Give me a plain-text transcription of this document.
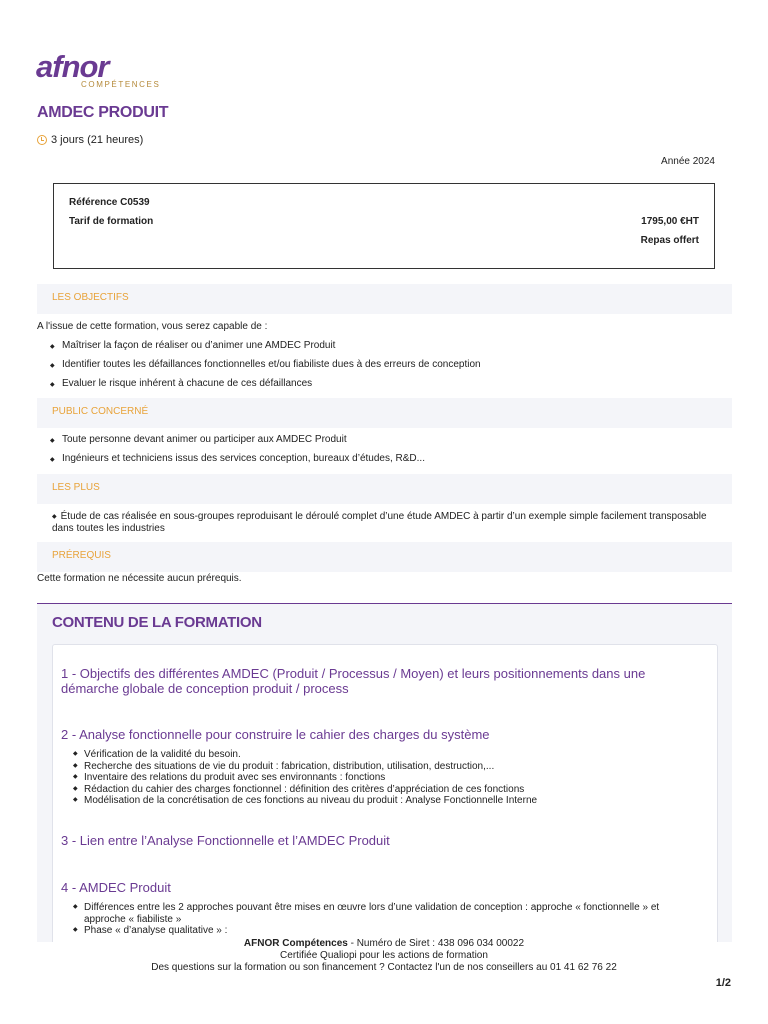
afnor
COMPÉTENCES
AMDEC PRODUIT
3 jours (21 heures)
Année 2024
Référence C0539
Tarif de formation	1795,00 €HT
Repas offert
LES OBJECTIFS
A l'issue de cette formation, vous serez capable de :
◆ Maîtriser la façon de réaliser ou d’animer une AMDEC Produit
◆ Identifier toutes les défaillances fonctionnelles et/ou fiabiliste dues à des erreurs de conception
◆ Evaluer le risque inhérent à chacune de ces défaillances
PUBLIC CONCERNÉ
◆ Toute personne devant animer ou participer aux AMDEC Produit
◆ Ingénieurs et techniciens issus des services conception, bureaux d’études, R&D...
LES PLUS
◆ Étude de cas réalisée en sous-groupes reproduisant le déroulé complet d’une étude AMDEC à partir d’un exemple simple facilement transposable dans toutes les industries
PRÉREQUIS
Cette formation ne nécessite aucun prérequis.
CONTENU DE LA FORMATION
1 - Objectifs des différentes AMDEC (Produit / Processus / Moyen) et leurs positionnements dans une démarche globale de conception produit / process
2 - Analyse fonctionnelle pour construire le cahier des charges du système
◆ Vérification de la validité du besoin.
◆ Recherche des situations de vie du produit : fabrication, distribution, utilisation, destruction,...
◆ Inventaire des relations du produit avec ses environnants : fonctions
◆ Rédaction du cahier des charges fonctionnel : définition des critères d’appréciation de ces fonctions
◆ Modélisation de la concrétisation de ces fonctions au niveau du produit : Analyse Fonctionnelle Interne
3 - Lien entre l’Analyse Fonctionnelle et l’AMDEC Produit
4 - AMDEC Produit
◆ Différences entre les 2 approches pouvant être mises en œuvre lors d’une validation de conception : approche « fonctionnelle » et approche « fiabiliste »
◆ Phase « d’analyse qualitative » :
AFNOR Compétences - Numéro de Siret : 438 096 034 00022
Certifiée Qualiopi pour les actions de formation
Des questions sur la formation ou son financement ? Contactez l'un de nos conseillers au 01 41 62 76 22
1/2
